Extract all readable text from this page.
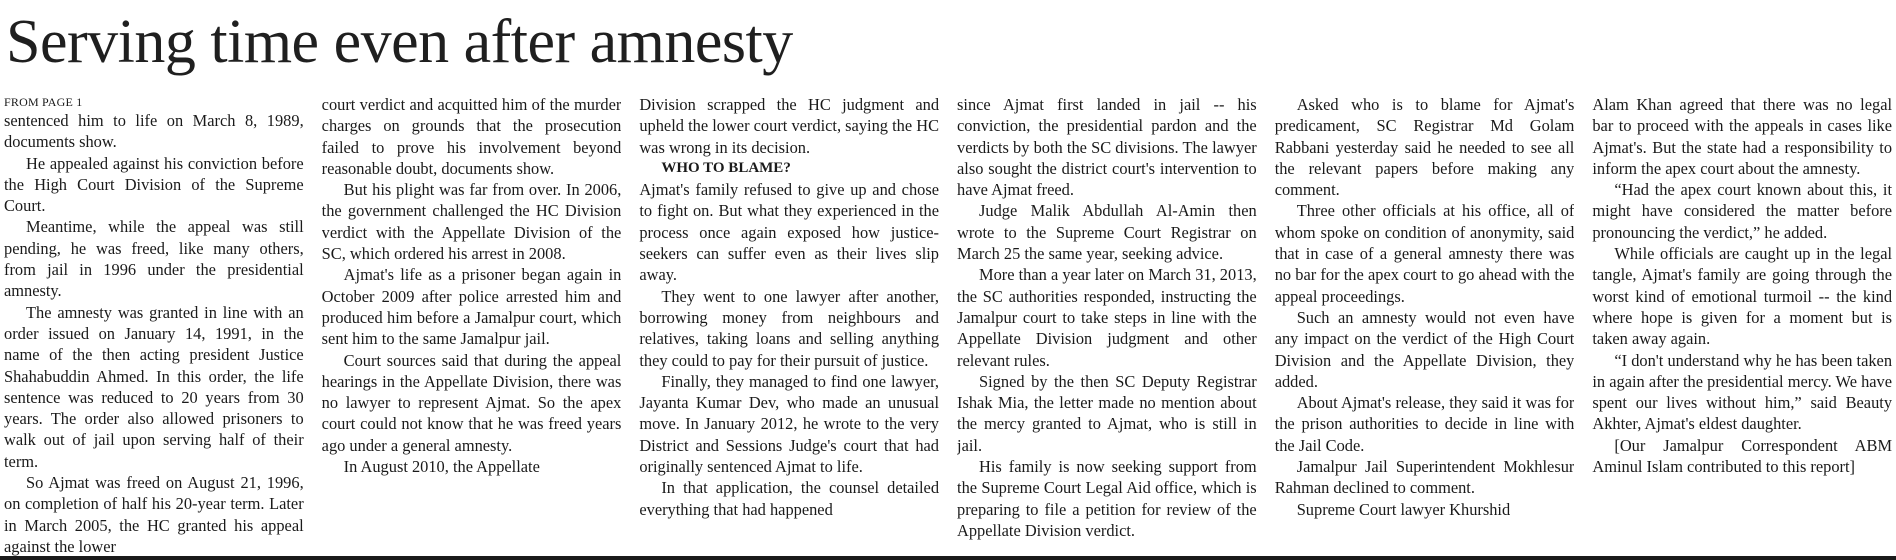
Serving time even after amnesty

FROM PAGE 1

sentenced him to life on March 8, 1989, documents show.

He appealed against his conviction before the High Court Division of the Supreme Court.

Meantime, while the appeal was still pending, he was freed, like many others, from jail in 1996 under the presidential amnesty.

The amnesty was granted in line with an order issued on January 14, 1991, in the name of the then acting president Justice Shahabuddin Ahmed. In this order, the life sentence was reduced to 20 years from 30 years. The order also allowed prisoners to walk out of jail upon serving half of their term.

So Ajmat was freed on August 21, 1996, on completion of half his 20-year term. Later in March 2005, the HC granted his appeal against the lower

court verdict and acquitted him of the murder charges on grounds that the prosecution failed to prove his involvement beyond reasonable doubt, documents show.

But his plight was far from over. In 2006, the government challenged the HC Division verdict with the Appellate Division of the SC, which ordered his arrest in 2008.

Ajmat's life as a prisoner began again in October 2009 after police arrested him and produced him before a Jamalpur court, which sent him to the same Jamalpur jail.

Court sources said that during the appeal hearings in the Appellate Division, there was no lawyer to represent Ajmat. So the apex court could not know that he was freed years ago under a general amnesty.

In August 2010, the Appellate

Division scrapped the HC judgment and upheld the lower court verdict, saying the HC was wrong in its decision.

WHO TO BLAME?

Ajmat's family refused to give up and chose to fight on. But what they experienced in the process once again exposed how justice-seekers can suffer even as their lives slip away.

They went to one lawyer after another, borrowing money from neighbours and relatives, taking loans and selling anything they could to pay for their pursuit of justice.

Finally, they managed to find one lawyer, Jayanta Kumar Dev, who made an unusual move. In January 2012, he wrote to the very District and Sessions Judge's court that had originally sentenced Ajmat to life.

In that application, the counsel detailed everything that had happened

since Ajmat first landed in jail -- his conviction, the presidential pardon and the verdicts by both the SC divisions. The lawyer also sought the district court's intervention to have Ajmat freed.

Judge Malik Abdullah Al-Amin then wrote to the Supreme Court Registrar on March 25 the same year, seeking advice.

More than a year later on March 31, 2013, the SC authorities responded, instructing the Jamalpur court to take steps in line with the Appellate Division judgment and other relevant rules.

Signed by the then SC Deputy Registrar Ishak Mia, the letter made no mention about the mercy granted to Ajmat, who is still in jail.

His family is now seeking support from the Supreme Court Legal Aid office, which is preparing to file a petition for review of the Appellate Division verdict.

Asked who is to blame for Ajmat's predicament, SC Registrar Md Golam Rabbani yesterday said he needed to see all the relevant papers before making any comment.

Three other officials at his office, all of whom spoke on condition of anonymity, said that in case of a general amnesty there was no bar for the apex court to go ahead with the appeal proceedings.

Such an amnesty would not even have any impact on the verdict of the High Court Division and the Appellate Division, they added.

About Ajmat's release, they said it was for the prison authorities to decide in line with the Jail Code.

Jamalpur Jail Superintendent Mokhlesur Rahman declined to comment.

Supreme Court lawyer Khurshid

Alam Khan agreed that there was no legal bar to proceed with the appeals in cases like Ajmat's. But the state had a responsibility to inform the apex court about the amnesty.

“Had the apex court known about this, it might have considered the matter before pronouncing the verdict,” he added.

While officials are caught up in the legal tangle, Ajmat's family are going through the worst kind of emotional turmoil -- the kind where hope is given for a moment but is taken away again.

“I don't understand why he has been taken in again after the presidential mercy. We have spent our lives without him,” said Beauty Akhter, Ajmat's eldest daughter.

[Our Jamalpur Correspondent ABM Aminul Islam contributed to this report]
